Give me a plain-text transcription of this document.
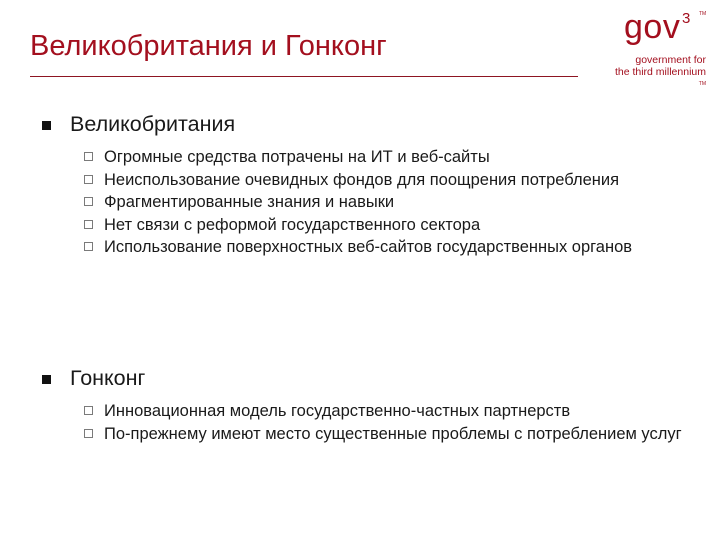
Великобритания и Гонконг	gov 3 TM
government for
the third millennium
TM
Великобритания
Огромные средства потрачены на ИТ и веб-сайты
Неиспользование очевидных фондов для поощрения потребления
Фрагментированные знания и навыки
Нет связи с реформой государственного сектора
Использование поверхностных веб-сайтов государственных органов
Гонконг
Инновационная модель государственно-частных партнерств
По-прежнему имеют место существенные проблемы с потреблением услуг
